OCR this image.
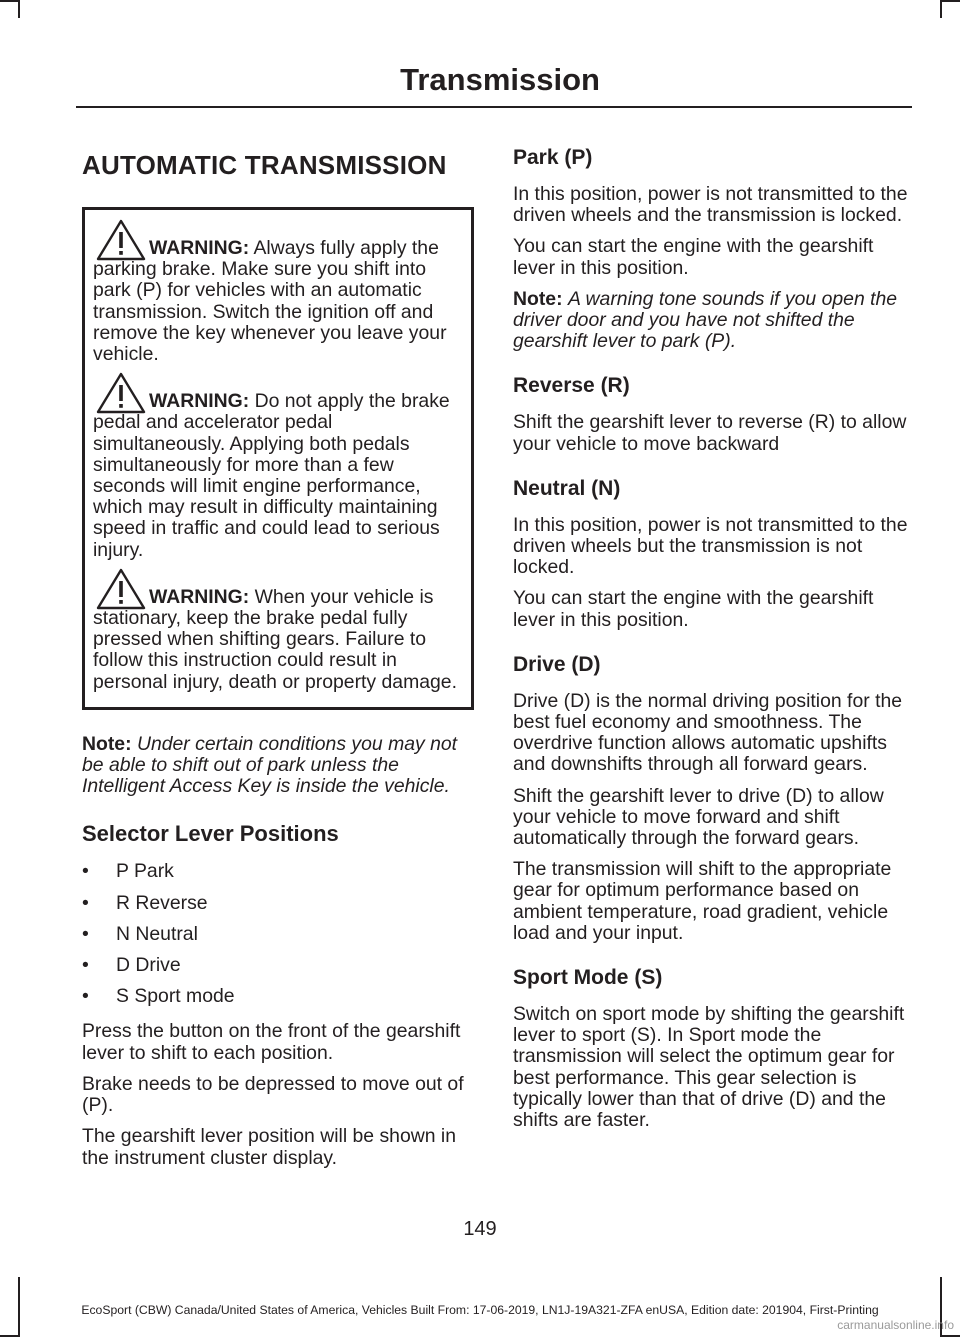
Transmission
AUTOMATIC TRANSMISSION
WARNING: Always fully apply the parking brake. Make sure you shift into park (P) for vehicles with an automatic transmission. Switch the ignition off and remove the key whenever you leave your vehicle.
WARNING: Do not apply the brake pedal and accelerator pedal simultaneously. Applying both pedals simultaneously for more than a few seconds will limit engine performance, which may result in difficulty maintaining speed in traffic and could lead to serious injury.
WARNING: When your vehicle is stationary, keep the brake pedal fully pressed when shifting gears. Failure to follow this instruction could result in personal injury, death or property damage.

Note: Under certain conditions you may not be able to shift out of park unless the Intelligent Access Key is inside the vehicle.

Selector Lever Positions
• P Park
• R Reverse
• N Neutral
• D Drive
• S Sport mode

Press the button on the front of the gearshift lever to shift to each position.

Brake needs to be depressed to move out of (P).

The gearshift lever position will be shown in the instrument cluster display.

Park (P)

In this position, power is not transmitted to the driven wheels and the transmission is locked.

You can start the engine with the gearshift lever in this position.

Note: A warning tone sounds if you open the driver door and you have not shifted the gearshift lever to park (P).

Reverse (R)

Shift the gearshift lever to reverse (R) to allow your vehicle to move backward

Neutral (N)

In this position, power is not transmitted to the driven wheels but the transmission is not locked.

You can start the engine with the gearshift lever in this position.

Drive (D)

Drive (D) is the normal driving position for the best fuel economy and smoothness. The overdrive function allows automatic upshifts and downshifts through all forward gears.

Shift the gearshift lever to drive (D) to allow your vehicle to move forward and shift automatically through the forward gears.

The transmission will shift to the appropriate gear for optimum performance based on ambient temperature, road gradient, vehicle load and your input.

Sport Mode (S)

Switch on sport mode by shifting the gearshift lever to sport (S). In Sport mode the transmission will select the optimum gear for best performance. This gear selection is typically lower than that of drive (D) and the shifts are faster.

149
EcoSport (CBW) Canada/United States of America, Vehicles Built From: 17-06-2019, LN1J-19A321-ZFA enUSA, Edition date: 201904, First-Printing
carmanualsonline.info
